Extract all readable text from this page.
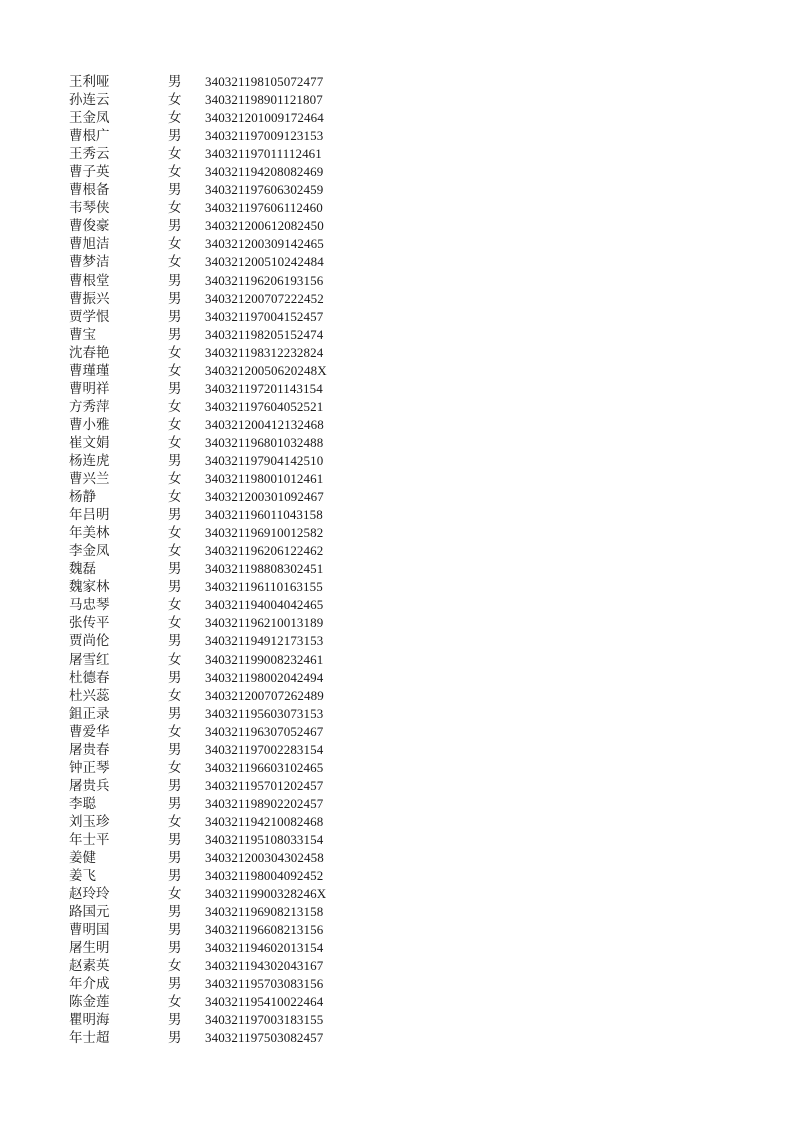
王利哑	男 340321198105072477
孙连云	女 340321198901121807
王金凤	女 340321201009172464
曹根广	男 340321197009123153
王秀云	女 340321197011112461
曹子英	女 340321194208082469
曹根备	男 340321197606302459
韦琴侠	女 340321197606112460
曹俊豪	男 340321200612082450
曹旭洁	女 340321200309142465
曹梦洁	女 340321200510242484
曹根堂	男 340321196206193156
曹振兴	男 340321200707222452
贾学恨	男 340321197004152457
曹宝	男 340321198205152474
沈春艳	女 340321198312232824
曹瑾瑾	女 34032120050620248X
曹明祥	男 340321197201143154
方秀萍	女 340321197604052521
曹小雅	女 340321200412132468
崔文娟	女 340321196801032488
杨连虎	男 340321197904142510
曹兴兰	女 340321198001012461
杨静	女 340321200301092467
年吕明	男 340321196011043158
年美林	女 340321196910012582
李金凤	女 340321196206122462
魏磊	男 340321198808302451
魏家林	男 340321196110163155
马忠琴	女 340321194004042465
张传平	女 340321196210013189
贾尚伦	男 340321194912173153
屠雪红	女 340321199008232461
杜德春	男 340321198002042494
杜兴蕊	女 340321200707262489
鉏正录	男 340321195603073153
曹爱华	女 340321196307052467
屠贵春	男 340321197002283154
钟正琴	女 340321196603102465
屠贵兵	男 340321195701202457
李聪	男 340321198902202457
刘玉珍	女 340321194210082468
年士平	男 340321195108033154
姜健	男 340321200304302458
姜飞	男 340321198004092452
赵玲玲	女 34032119900328246X
路国元	男 340321196908213158
曹明国	男 340321196608213156
屠生明	男 340321194602013154
赵素英	女 340321194302043167
年介成	男 340321195703083156
陈金莲	女 340321195410022464
瞿明海	男 340321197003183155
年士超	男 340321197503082457
